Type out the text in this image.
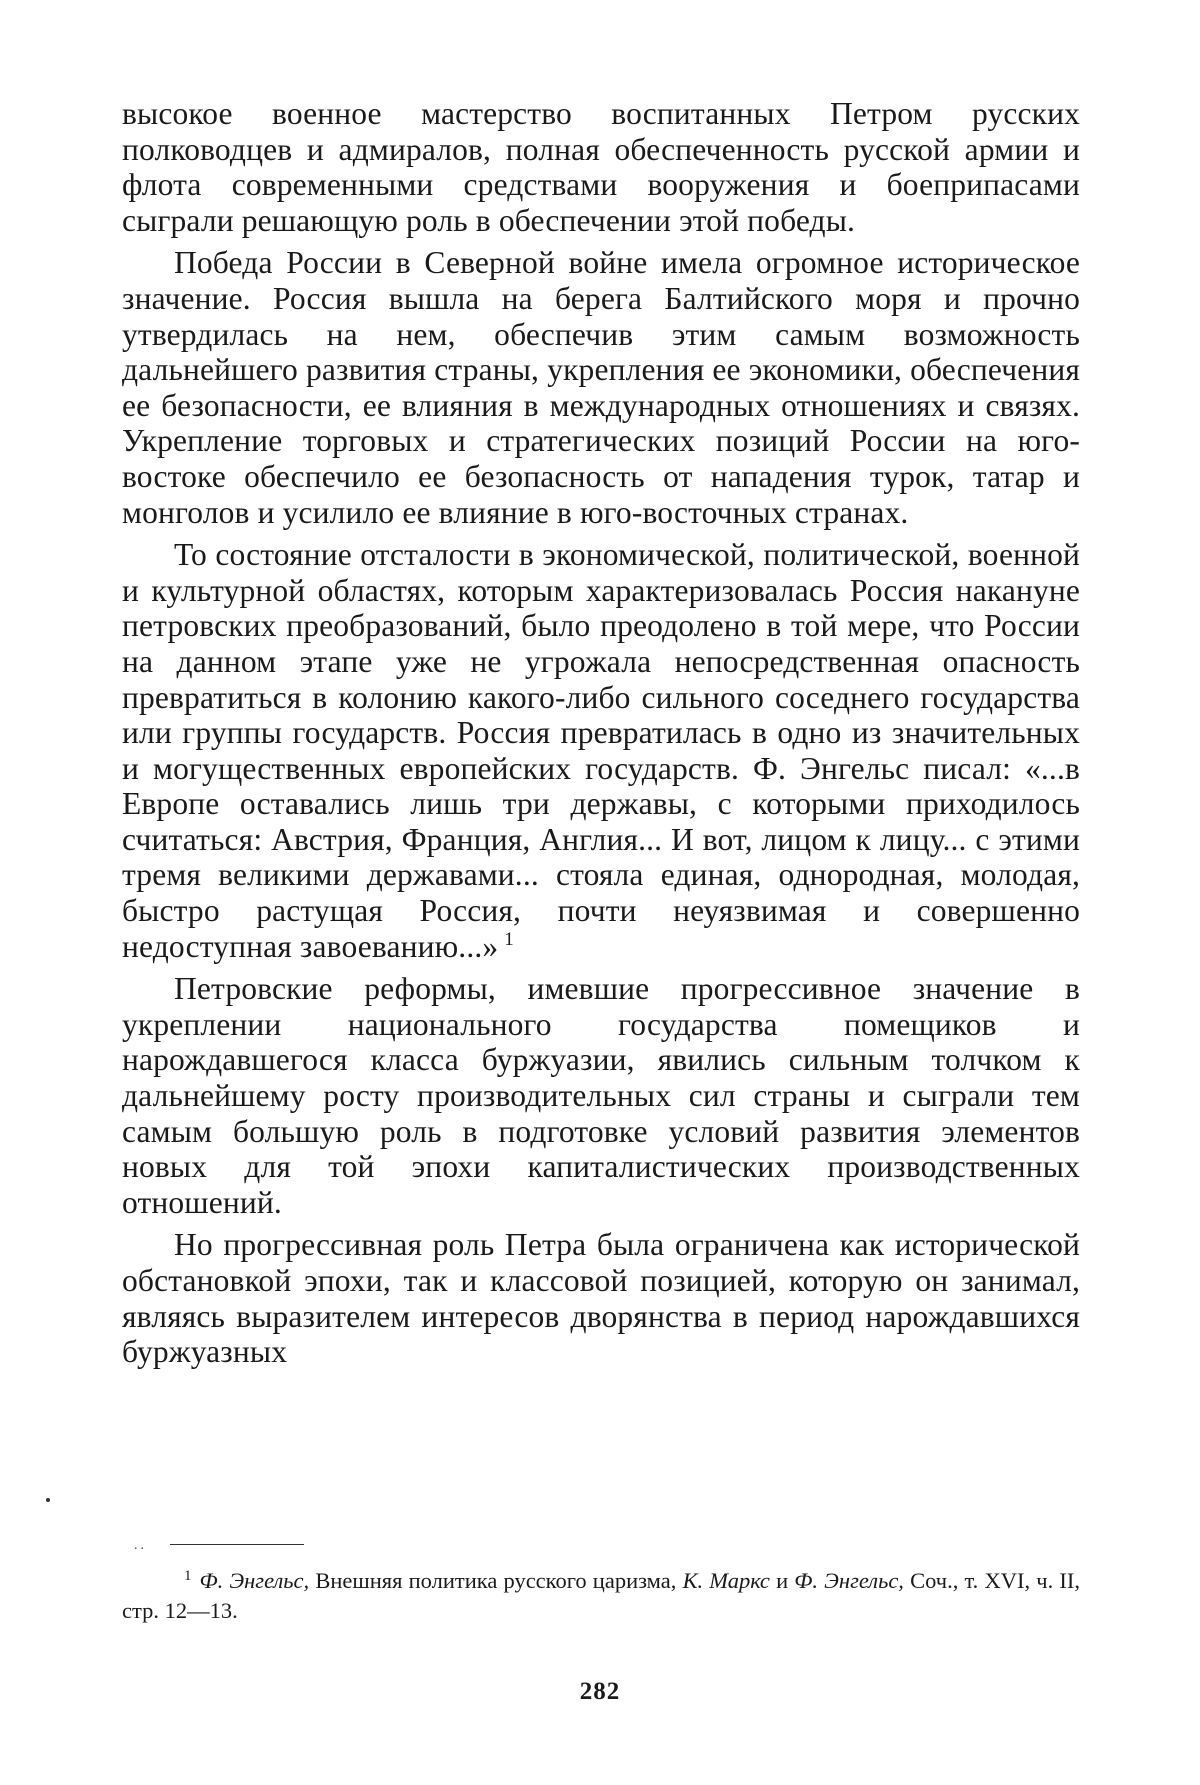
высокое военное мастерство воспитанных Петром русских полководцев и адмиралов, полная обеспеченность русской армии и флота современными средствами вооружения и боеприпасами сыграли решающую роль в обеспечении этой победы.

Победа России в Северной войне имела огромное историческое значение. Россия вышла на берега Балтийского моря и прочно утвердилась на нем, обеспечив этим самым возможность дальнейшего развития страны, укрепления ее экономики, обеспечения ее безопасности, ее влияния в международных отношениях и связях. Укрепление торговых и стратегических позиций России на юго-востоке обеспечило ее безопасность от нападения турок, татар и монголов и усилило ее влияние в юго-восточных странах.

То состояние отсталости в экономической, политической, военной и культурной областях, которым характеризовалась Россия накануне петровских преобразований, было преодолено в той мере, что России на данном этапе уже не угрожала непосредственная опасность превратиться в колонию какого-либо сильного соседнего государства или группы государств. Россия превратилась в одно из значительных и могущественных европейских государств. Ф. Энгельс писал: «...в Европе оставались лишь три державы, с которыми приходилось считаться: Австрия, Франция, Англия... И вот, лицом к лицу... с этими тремя великими державами... стояла единая, однородная, молодая, быстро растущая Россия, почти неуязвимая и совершенно недоступная завоеванию...» $^1$

Петровские реформы, имевшие прогрессивное значение в укреплении национального государства помещиков и нарождавшегося класса буржуазии, явились сильным толчком к дальнейшему росту производительных сил страны и сыграли тем самым большую роль в подготовке условий развития элементов новых для той эпохи капиталистических производственных отношений.

Но прогрессивная роль Петра была ограничена как исторической обстановкой эпохи, так и классовой позицией, которую он занимал, являясь выразителем интересов дворянства в период нарождавшихся буржуазных

..

$^1$ Ф. Энгельс, Внешняя политика русского царизма, К. Маркс и Ф. Энгельс, Соч., т. XVI, ч. II, стр. 12—13.

282
